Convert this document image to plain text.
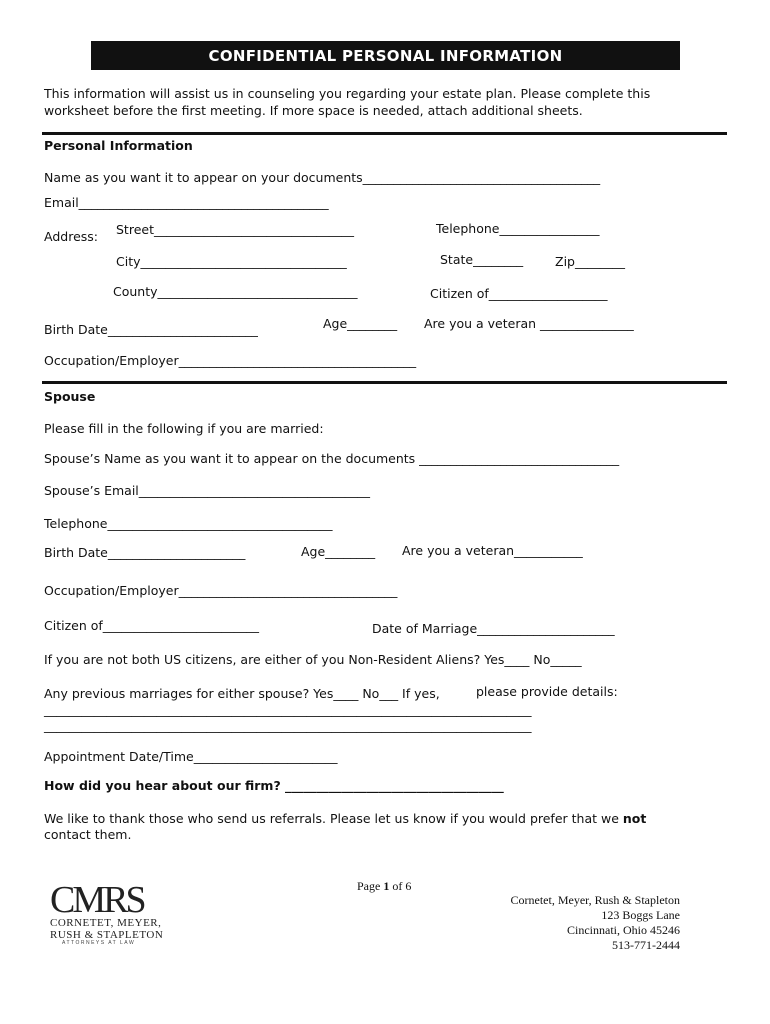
CONFIDENTIAL PERSONAL INFORMATION
This information will assist us in counseling you regarding your estate plan. Please complete this
worksheet before the first meeting. If more space is needed, attach additional sheets.
Personal Information
Name as you want it to appear on your documents______________________________________
Email________________________________________
Address: Street________________________________	Telephone________________
City_________________________________	State________	Zip________
County________________________________	Citizen of___________________
Birth Date________________________	Age________ Are you a veteran _______________
Occupation/Employer______________________________________
Spouse
Please fill in the following if you are married:
Spouse’s Name as you want it to appear on the documents ________________________________
Spouse’s Email_____________________________________
Telephone____________________________________
Birth Date______________________	Age________ Are you a veteran___________
Occupation/Employer___________________________________
Citizen of_________________________	Date of Marriage______________________
If you are not both US citizens, are either of you Non-Resident Aliens? Yes____ No_____
Any previous marriages for either spouse? Yes____ No___ If yes,	please provide details:
______________________________________________________________________________
______________________________________________________________________________
Appointment Date/Time_______________________
How did you hear about our firm? ___________________________________
We like to thank those who send us referrals. Please let us know if you would prefer that we not
contact them.
Page 1 of 6
CMRS
CORNETET, MEYER,
RUSH & STAPLETON
ATTORNEYS AT LAW
Cornetet, Meyer, Rush & Stapleton
123 Boggs Lane
Cincinnati, Ohio 45246
513-771-2444
